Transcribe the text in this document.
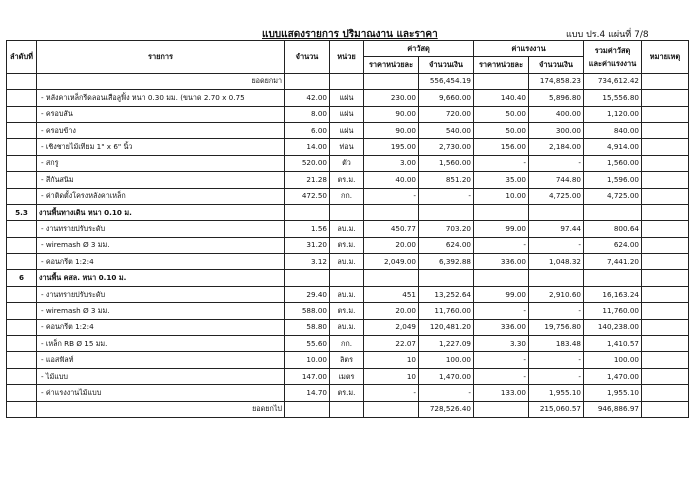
แบบแสดงรายการ ปริมาณงาน และราคา	แบบ ปร.4 แผ่นที่ 7/8
ลำดับที่	รายการ	จำนวน	หน่วย	ค่าวัสดุ		ค่าแรงงาน		รวมค่าวัสดุ
และค่าแรงงาน	หมายเหตุ
				ราคาหน่วยละ	จำนวนเงิน	ราคาหน่วยละ	จำนวนเงิน		
	ยอดยกมา				556,454.19		174,858.23	734,612.42	
	- หลังคาเหล็กรีดลอนเสือลูฟิ้ง หนา 0.30 มม. (ขนาด 2.70 x 0.75	42.00	แผ่น	230.00	9,660.00	140.40	5,896.80	15,556.80	
	- ครอบสัน	8.00	แผ่น	90.00	720.00	50.00	400.00	1,120.00	
	- ครอบข้าง	6.00	แผ่น	90.00	540.00	50.00	300.00	840.00	
	- เชิงชายไม้เทียม 1" x 6" นิ้ว	14.00	ท่อน	195.00	2,730.00	156.00	2,184.00	4,914.00	
	- สกรู	520.00	ตัว	3.00	1,560.00	-	-	1,560.00	
	- สีกันสนิม	21.28	ตร.ม.	40.00	851.20	35.00	744.80	1,596.00	
	- ค่าติดตั้งโครงหลังคาเหล็ก	472.50	กก.	-	-	10.00	4,725.00	4,725.00	
5.3	งานพื้นทางเดิน หนา 0.10 ม.								
	- งานทรายปรับระดับ	1.56	ลบ.ม.	450.77	703.20	99.00	97.44	800.64	
	- wiremash Ø 3 มม.	31.20	ตร.ม.	20.00	624.00	-	-	624.00	
	- คอนกรีต 1:2:4	3.12	ลบ.ม.	2,049.00	6,392.88	336.00	1,048.32	7,441.20	
6	งานพื้น คสล. หนา 0.10 ม.								
	- งานทรายปรับระดับ	29.40	ลบ.ม.	451	13,252.64	99.00	2,910.60	16,163.24	
	- wiremash Ø 3 มม.	588.00	ตร.ม.	20.00	11,760.00	-	-	11,760.00	
	- คอนกรีต 1:2:4	58.80	ลบ.ม.	2,049	120,481.20	336.00	19,756.80	140,238.00	
	- เหล็ก RB Ø 15 มม.	55.60	กก.	22.07	1,227.09	3.30	183.48	1,410.57	
	- แอสฟัลท์	10.00	ลิตร	10	100.00	-	-	100.00	
	- ไม้แบบ	147.00	เมตร	10	1,470.00	-	-	1,470.00	
	- ค่าแรงงานไม้แบบ	14.70	ตร.ม.	-	-	133.00	1,955.10	1,955.10	
	ยอดยกไป				728,526.40		215,060.57	946,886.97	
